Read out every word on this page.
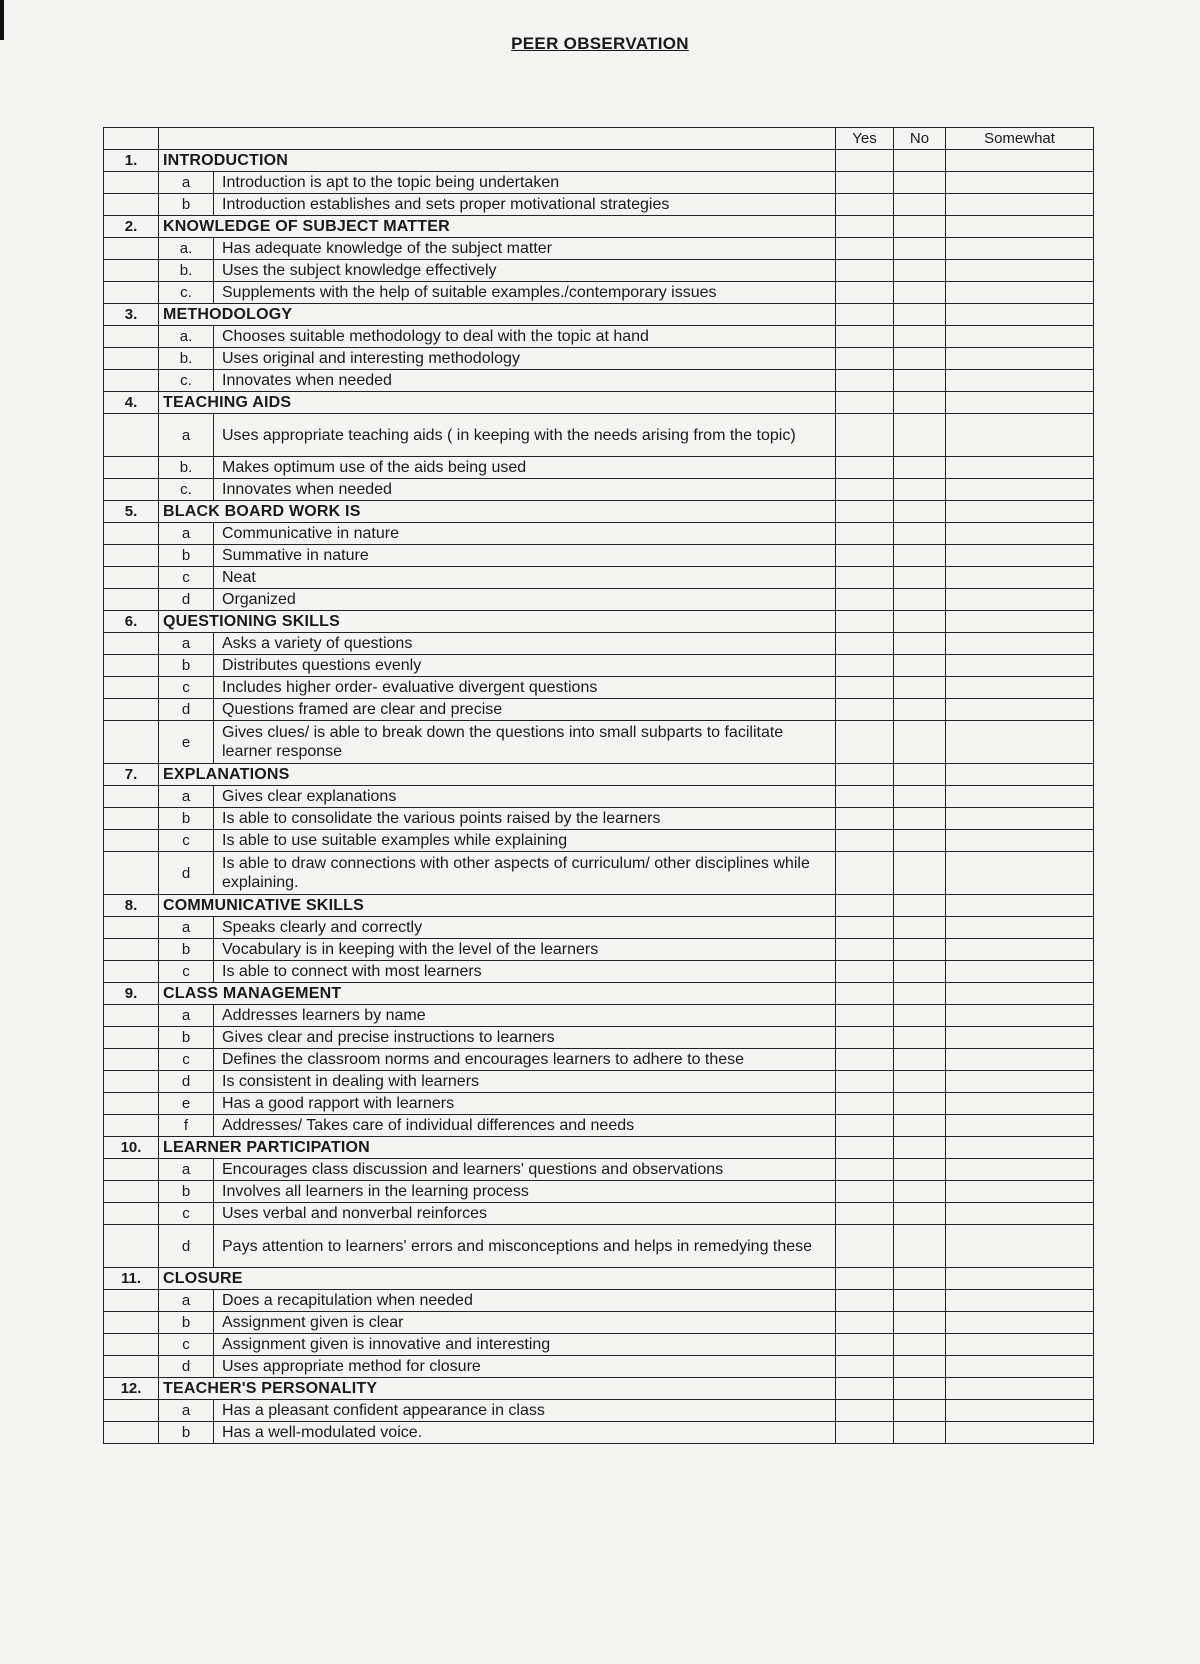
PEER OBSERVATION
			Yes	No	Somewhat
1.	INTRODUCTION				
	a	Introduction is apt to the topic being undertaken			
	b	Introduction establishes and sets proper motivational strategies			
2.	KNOWLEDGE OF SUBJECT MATTER				
	a.	Has adequate knowledge of the subject matter			
	b.	Uses the subject knowledge effectively			
	c.	Supplements with the help of suitable examples./contemporary issues			
3.	METHODOLOGY				
	a.	Chooses suitable methodology to deal with the topic at hand			
	b.	Uses original and interesting methodology			
	c.	Innovates when needed			
4.	TEACHING AIDS				
	a	Uses appropriate teaching aids ( in keeping with the needs arising from the topic)			
	b.	Makes optimum use of the aids being used			
	c.	Innovates when needed			
5.	BLACK BOARD WORK IS				
	a	Communicative in nature			
	b	Summative in nature			
	c	Neat			
	d	Organized			
6.	QUESTIONING SKILLS				
	a	Asks a variety of questions			
	b	Distributes questions evenly			
	c	Includes higher order- evaluative divergent questions			
	d	Questions framed are clear and precise			
	e	Gives clues/ is able to break down the questions into small subparts to facilitate learner response			
7.	EXPLANATIONS				
	a	Gives clear explanations			
	b	Is able to consolidate the various points raised by the learners			
	c	Is able to use suitable examples while explaining			
	d	Is able to draw connections with other aspects of curriculum/ other disciplines while explaining.			
8.	COMMUNICATIVE SKILLS				
	a	Speaks clearly and correctly			
	b	Vocabulary is in keeping with the level of the learners			
	c	Is able to connect with most learners			
9.	CLASS MANAGEMENT				
	a	Addresses learners by name			
	b	Gives clear and precise instructions to learners			
	c	Defines the classroom norms and encourages learners to adhere to these			
	d	Is consistent in dealing with learners			
	e	Has a good rapport with learners			
	f	Addresses/ Takes care of individual differences and needs			
10.	LEARNER PARTICIPATION				
	a	Encourages class discussion and learners' questions and observations			
	b	Involves all learners in the learning process			
	c	Uses verbal and nonverbal reinforces			
	d	Pays attention to learners' errors and misconceptions and helps in remedying these			
11.	CLOSURE				
	a	Does a recapitulation when needed			
	b	Assignment given is clear			
	c	Assignment given is innovative and interesting			
	d	Uses appropriate method for closure			
12.	TEACHER'S PERSONALITY				
	a	Has a pleasant confident appearance in class			
	b	Has a well-modulated voice.			
